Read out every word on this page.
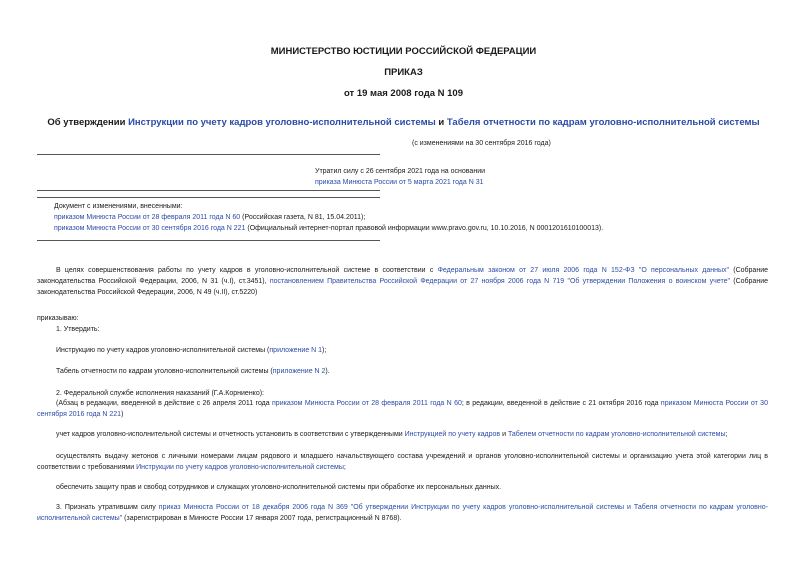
МИНИСТЕРСТВО ЮСТИЦИИ РОССИЙСКОЙ ФЕДЕРАЦИИ
ПРИКАЗ
от 19 мая 2008 года N 109
Об утверждении Инструкции по учету кадров уголовно-исполнительной системы и Табеля отчетности по кадрам уголовно-исполнительной системы
(с изменениями на 30 сентября 2016 года)
Утратил силу с 26 сентября 2021 года на основании
приказа Минюста России от 5 марта 2021 года N 31
Документ с изменениями, внесенными:
приказом Минюста России от 28 февраля 2011 года N 60 (Российская газета, N 81, 15.04.2011);
приказом Минюста России от 30 сентября 2016 года N 221 (Официальный интернет-портал правовой информации www.pravo.gov.ru, 10.10.2016, N 0001201610100013).
В целях совершенствования работы по учету кадров в уголовно-исполнительной системе в соответствии с Федеральным законом от 27 июля 2006 года N 152-ФЗ "О персональных данных" (Собрание законодательства Российской Федерации, 2006, N 31 (ч.I), ст.3451), постановлением Правительства Российской Федерации от 27 ноября 2006 года N 719 "Об утверждении Положения о воинском учете" (Собрание законодательства Российской Федерации, 2006, N 49 (ч.II), ст.5220)
приказываю:
1. Утвердить:
Инструкцию по учету кадров уголовно-исполнительной системы (приложение N 1);
Табель отчетности по кадрам уголовно-исполнительной системы (приложение N 2).
2. Федеральной службе исполнения наказаний (Г.А.Корниенко):
(Абзац в редакции, введенной в действие с 26 апреля 2011 года приказом Минюста России от 28 февраля 2011 года N 60; в редакции, введенной в действие с 21 октября 2016 года приказом Минюста России от 30 сентября 2016 года N 221)
учет кадров уголовно-исполнительной системы и отчетность установить в соответствии с утвержденными Инструкцией по учету кадров и Табелем отчетности по кадрам уголовно-исполнительной системы;
осуществлять выдачу жетонов с личными номерами лицам рядового и младшего начальствующего состава учреждений и органов уголовно-исполнительной системы и организацию учета этой категории лиц в соответствии с требованиями Инструкции по учету кадров уголовно-исполнительной системы;
обеспечить защиту прав и свобод сотрудников и служащих уголовно-исполнительной системы при обработке их персональных данных.
3. Признать утратившим силу приказ Минюста России от 18 декабря 2006 года N 369 "Об утверждении Инструкции по учету кадров уголовно-исполнительной системы и Табеля отчетности по кадрам уголовно-исполнительной системы" (зарегистрирован в Минюсте России 17 января 2007 года, регистрационный N 8768).
